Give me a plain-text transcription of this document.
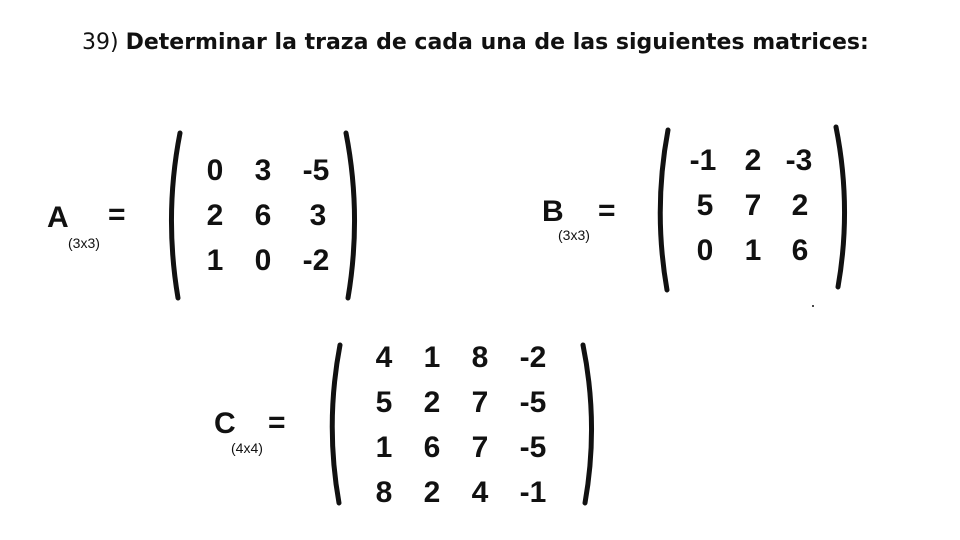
39) Determinar la traza de cada una de las siguientes matrices:
A
(3x3)
=
0	3	-5
2	6	3
1	0	-2
B
(3x3)
=
-1 2 -3
5	7	2
0	1	6
C
(4x4)
=
4	1	8	-2
5	2	7	-5
1	6	7	-5
8	2	4	-1
